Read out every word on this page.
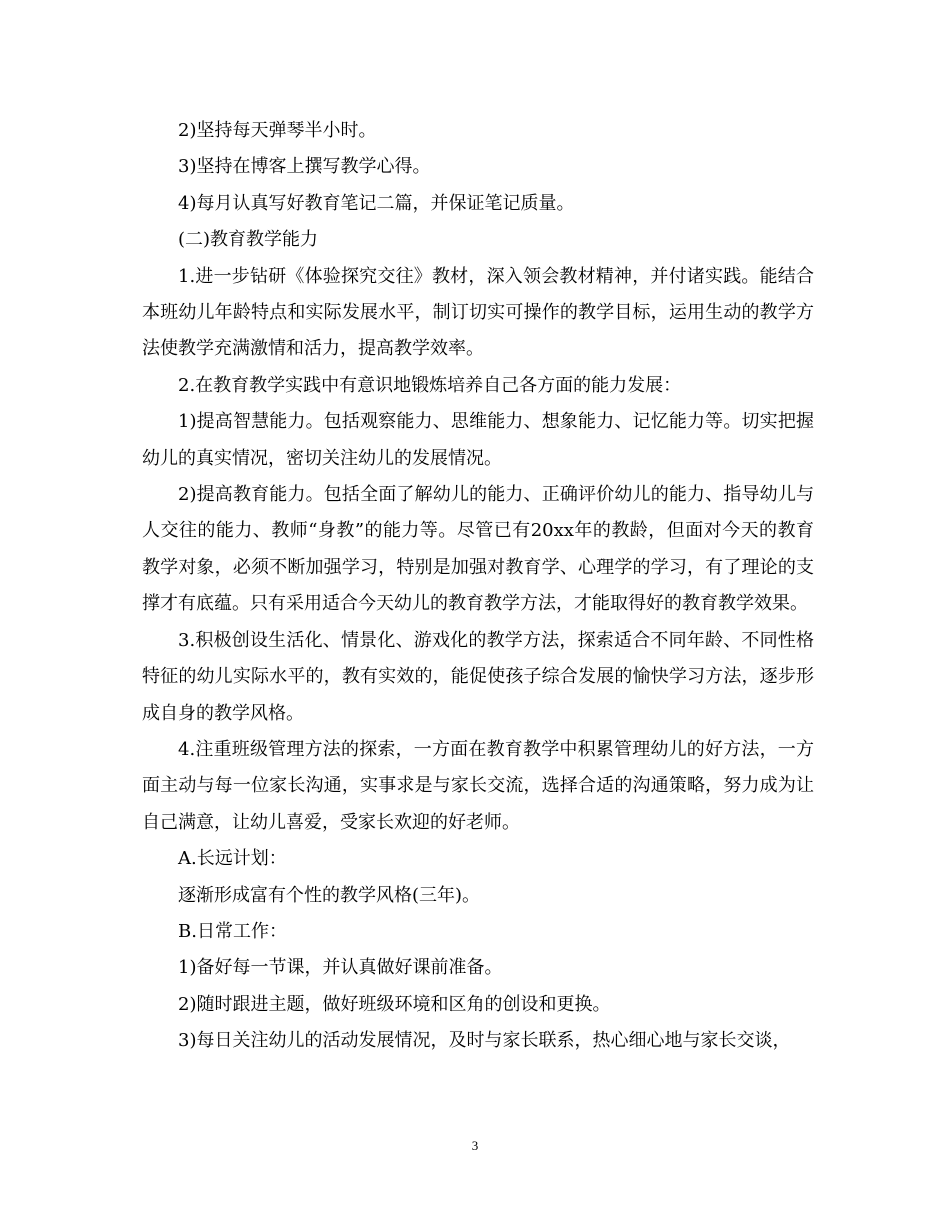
2)坚持每天弹琴半小时。

3)坚持在博客上撰写教学心得。

4)每月认真写好教育笔记二篇，并保证笔记质量。

(二)教育教学能力

1.进一步钻研《体验探究交往》教材，深入领会教材精神，并付诸实践。能结合本班幼儿年龄特点和实际发展水平，制订切实可操作的教学目标，运用生动的教学方法使教学充满激情和活力，提高教学效率。

2.在教育教学实践中有意识地锻炼培养自己各方面的能力发展：

1)提高智慧能力。包括观察能力、思维能力、想象能力、记忆能力等。切实把握幼儿的真实情况，密切关注幼儿的发展情况。

2)提高教育能力。包括全面了解幼儿的能力、正确评价幼儿的能力、指导幼儿与人交往的能力、教师“身教”的能力等。尽管已有20xx年的教龄，但面对今天的教育教学对象，必须不断加强学习，特别是加强对教育学、心理学的学习，有了理论的支撑才有底蕴。只有采用适合今天幼儿的教育教学方法，才能取得好的教育教学效果。

3.积极创设生活化、情景化、游戏化的教学方法，探索适合不同年龄、不同性格特征的幼儿实际水平的，教有实效的，能促使孩子综合发展的愉快学习方法，逐步形成自身的教学风格。

4.注重班级管理方法的探索，一方面在教育教学中积累管理幼儿的好方法，一方面主动与每一位家长沟通，实事求是与家长交流，选择合适的沟通策略，努力成为让自己满意，让幼儿喜爱，受家长欢迎的好老师。

A.长远计划：

逐渐形成富有个性的教学风格(三年)。

B.日常工作：

1)备好每一节课，并认真做好课前准备。

2)随时跟进主题，做好班级环境和区角的创设和更换。

3)每日关注幼儿的活动发展情况，及时与家长联系，热心细心地与家长交谈，

3
